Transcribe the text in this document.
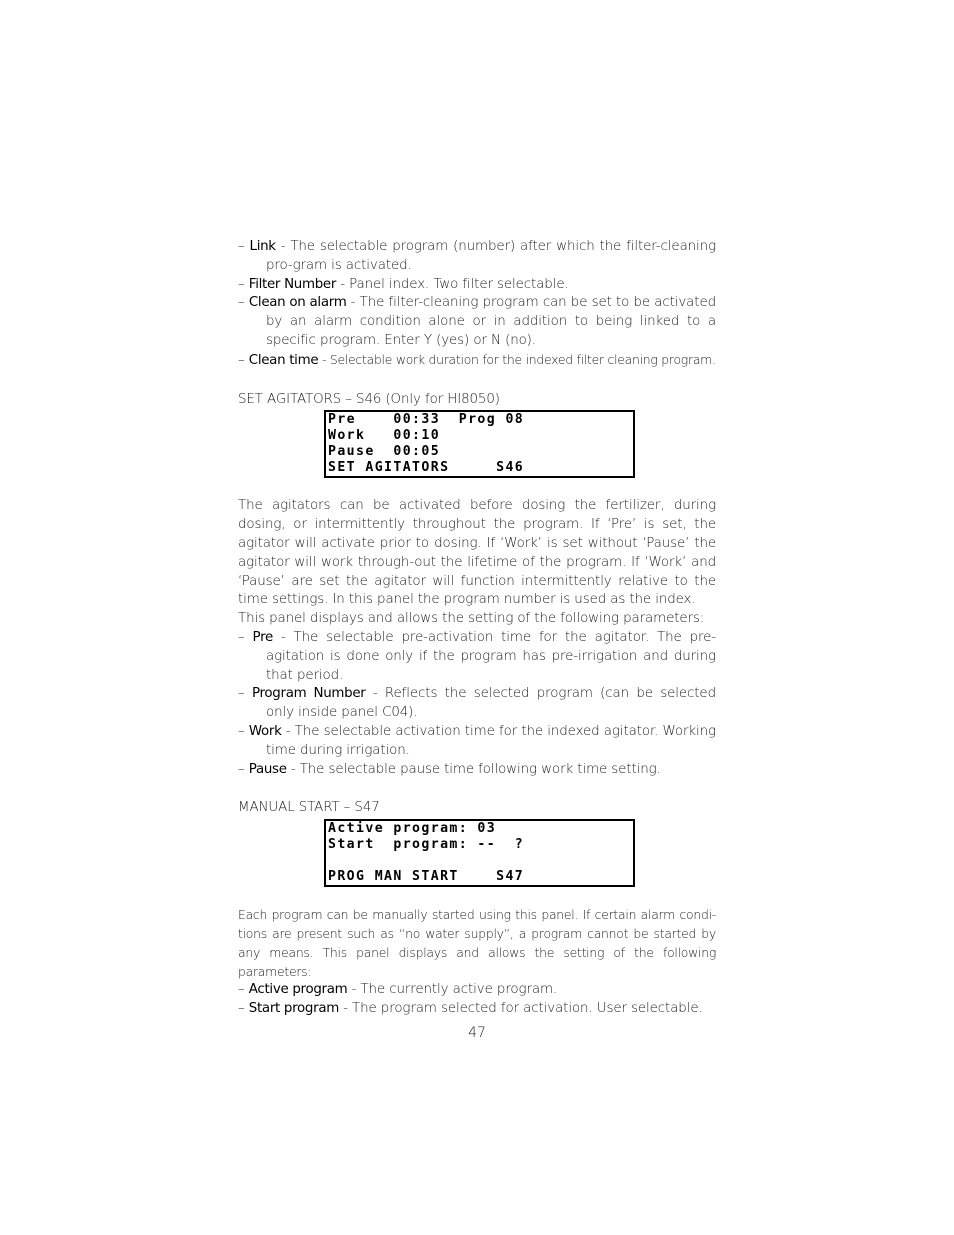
– Link - The selectable program (number) after which the filter-cleaning pro-gram is activated.
– Filter Number - Panel index. Two filter selectable.
– Clean on alarm - The filter-cleaning program can be set to be activated by an alarm condition alone or in addition to being linked to a specific program. Enter Y (yes) or N (no).
– Clean time - Selectable work duration for the indexed filter cleaning program.
SET AGITATORS – S46 (Only for HI8050)
Pre    00:33  Prog 08
Work   00:10
Pause  00:05
SET AGITATORS     S46
The agitators can be activated before dosing the fertilizer, during dosing, or intermittently throughout the program. If ‘Pre’ is set, the agitator will activate prior to dosing. If ‘Work’ is set without ‘Pause’ the agitator will work through-out the lifetime of the program. If ‘Work’ and ‘Pause’ are set the agitator will function intermittently relative to the time settings. In this panel the program number is used as the index.
This panel displays and allows the setting of the following parameters:
– Pre - The selectable pre-activation time for the agitator. The pre-agitation is done only if the program has pre-irrigation and during that period.
– Program Number - Reflects the selected program (can be selected only inside panel C04).
– Work - The selectable activation time for the indexed agitator. Working time during irrigation.
– Pause - The selectable pause time following work time setting.
MANUAL START – S47
Active program: 03
Start  program: --  ?
PROG MAN START    S47
Each program can be manually started using this panel. If certain alarm condi-tions are present such as “no water supply”, a program cannot be started by any means. This panel displays and allows the setting of the following parameters:
– Active program - The currently active program.
– Start program - The program selected for activation. User selectable.
47
